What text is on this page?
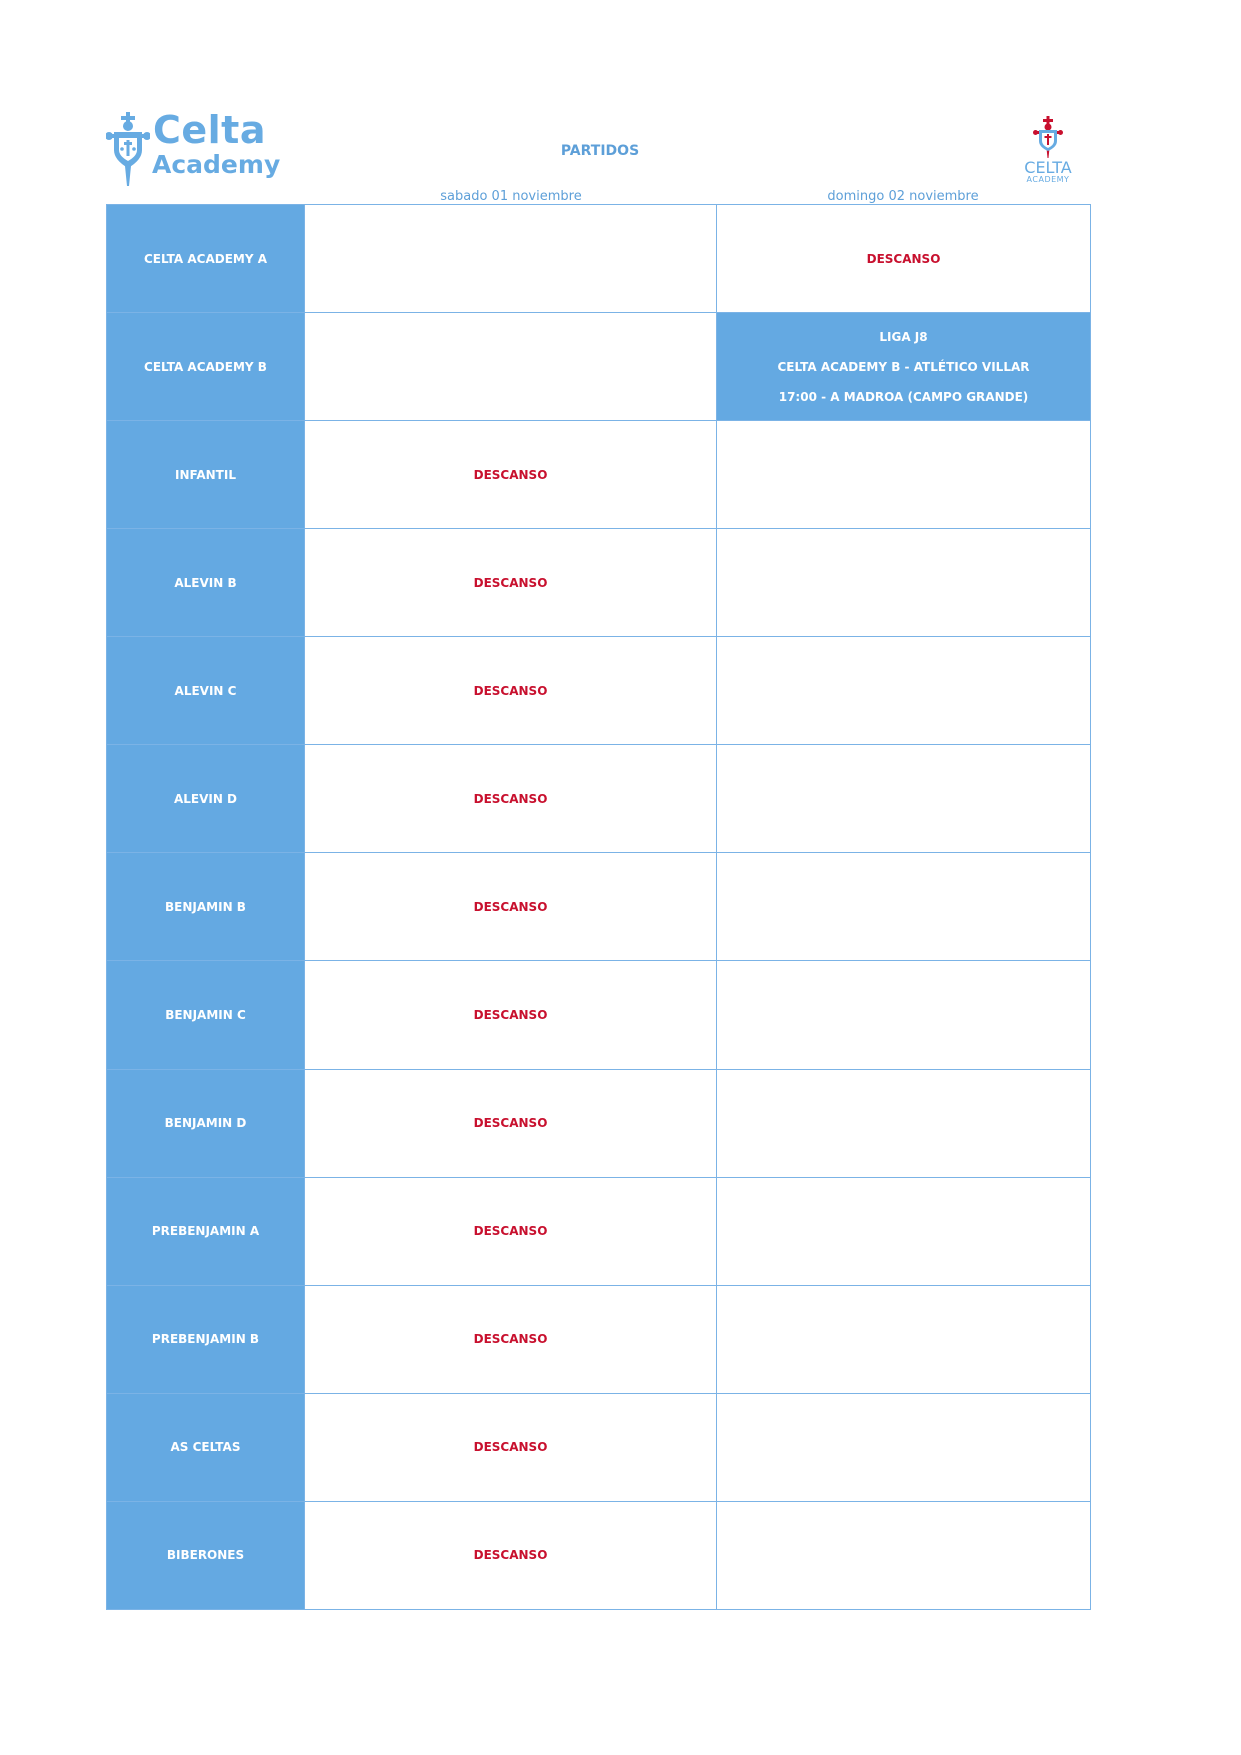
Celta
Academy	CELTA
ACADEMY
PARTIDOS
sabado 01 noviembre	domingo 02 noviembre
CELTA ACADEMY A		DESCANSO
CELTA ACADEMY B		LIGA J8
CELTA ACADEMY B - ATLÉTICO VILLAR
17:00 - A MADROA (CAMPO GRANDE)

INFANTIL	DESCANSO	
ALEVIN B	DESCANSO	
ALEVIN C	DESCANSO	
ALEVIN D	DESCANSO	
BENJAMIN B	DESCANSO	
BENJAMIN C	DESCANSO	
BENJAMIN D	DESCANSO	
PREBENJAMIN A	DESCANSO	
PREBENJAMIN B	DESCANSO	
AS CELTAS	DESCANSO	
BIBERONES	DESCANSO	
